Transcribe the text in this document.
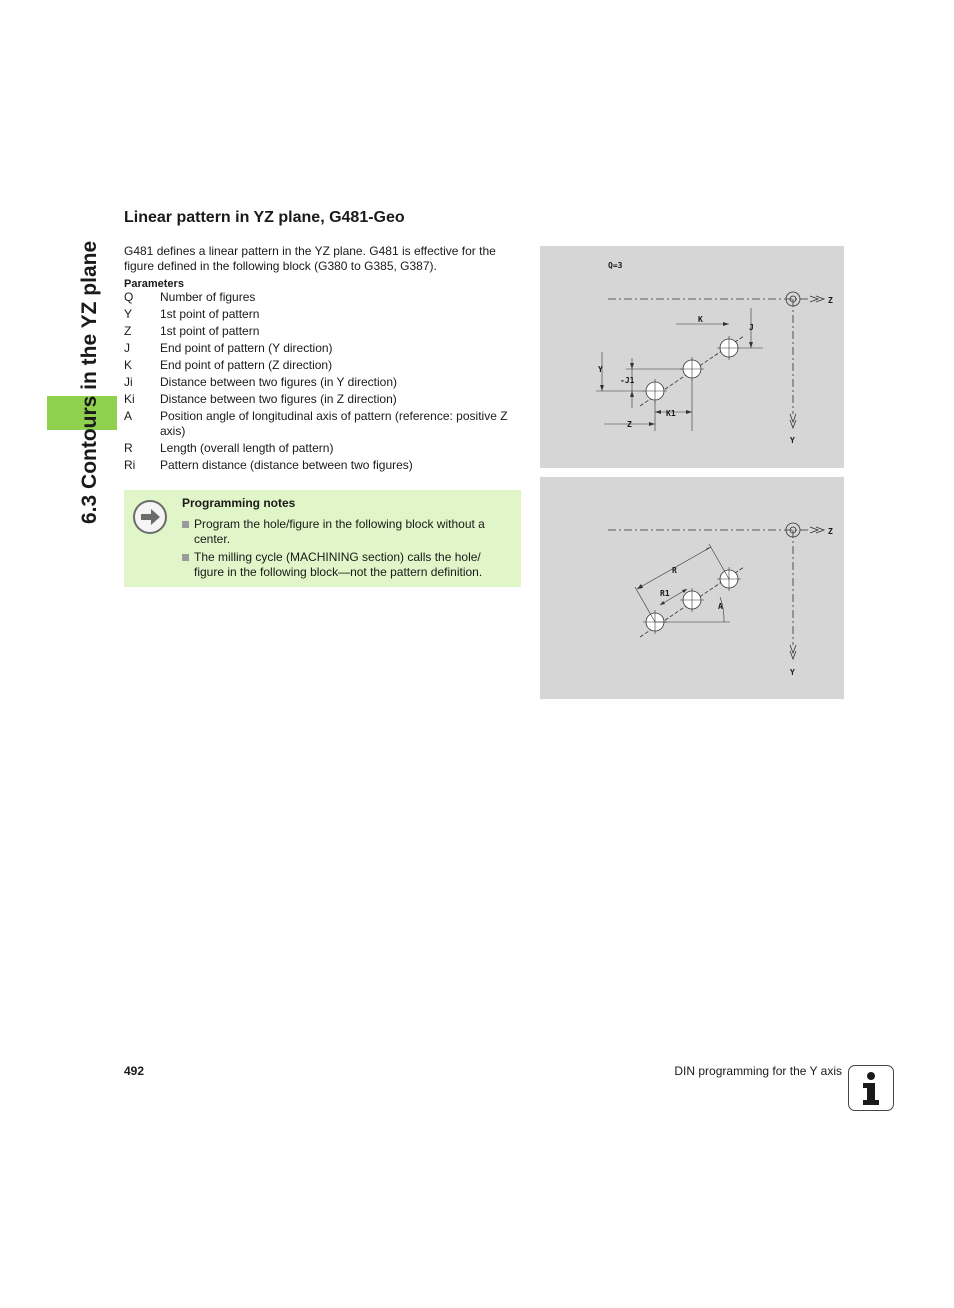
6.3 Contours in the YZ plane
Linear pattern in YZ plane, G481-Geo

G481 defines a linear pattern in the YZ plane. G481 is effective for the figure defined in the following block (G380 to G385, G387).

Parameters
Q	Number of figures
Y	1st point of pattern
Z	1st point of pattern
J	End point of pattern (Y direction)
K	End point of pattern (Z direction)
Ji	Distance between two figures (in Y direction)
Ki	Distance between two figures (in Z direction)
A	Position angle of longitudinal axis of pattern (reference: positive Z axis)
R	Length (overall length of pattern)
Ri	Pattern distance (distance between two figures)
Programming notes
Program the hole/figure in the following block without a center.
The milling cycle (MACHINING section) calls the hole/ figure in the following block—not the pattern definition.
Q=3
Z
Y
K
J
Y
-J1
K1
Z
Z
Y
A
R
R1
492	DIN programming for the Y axis
